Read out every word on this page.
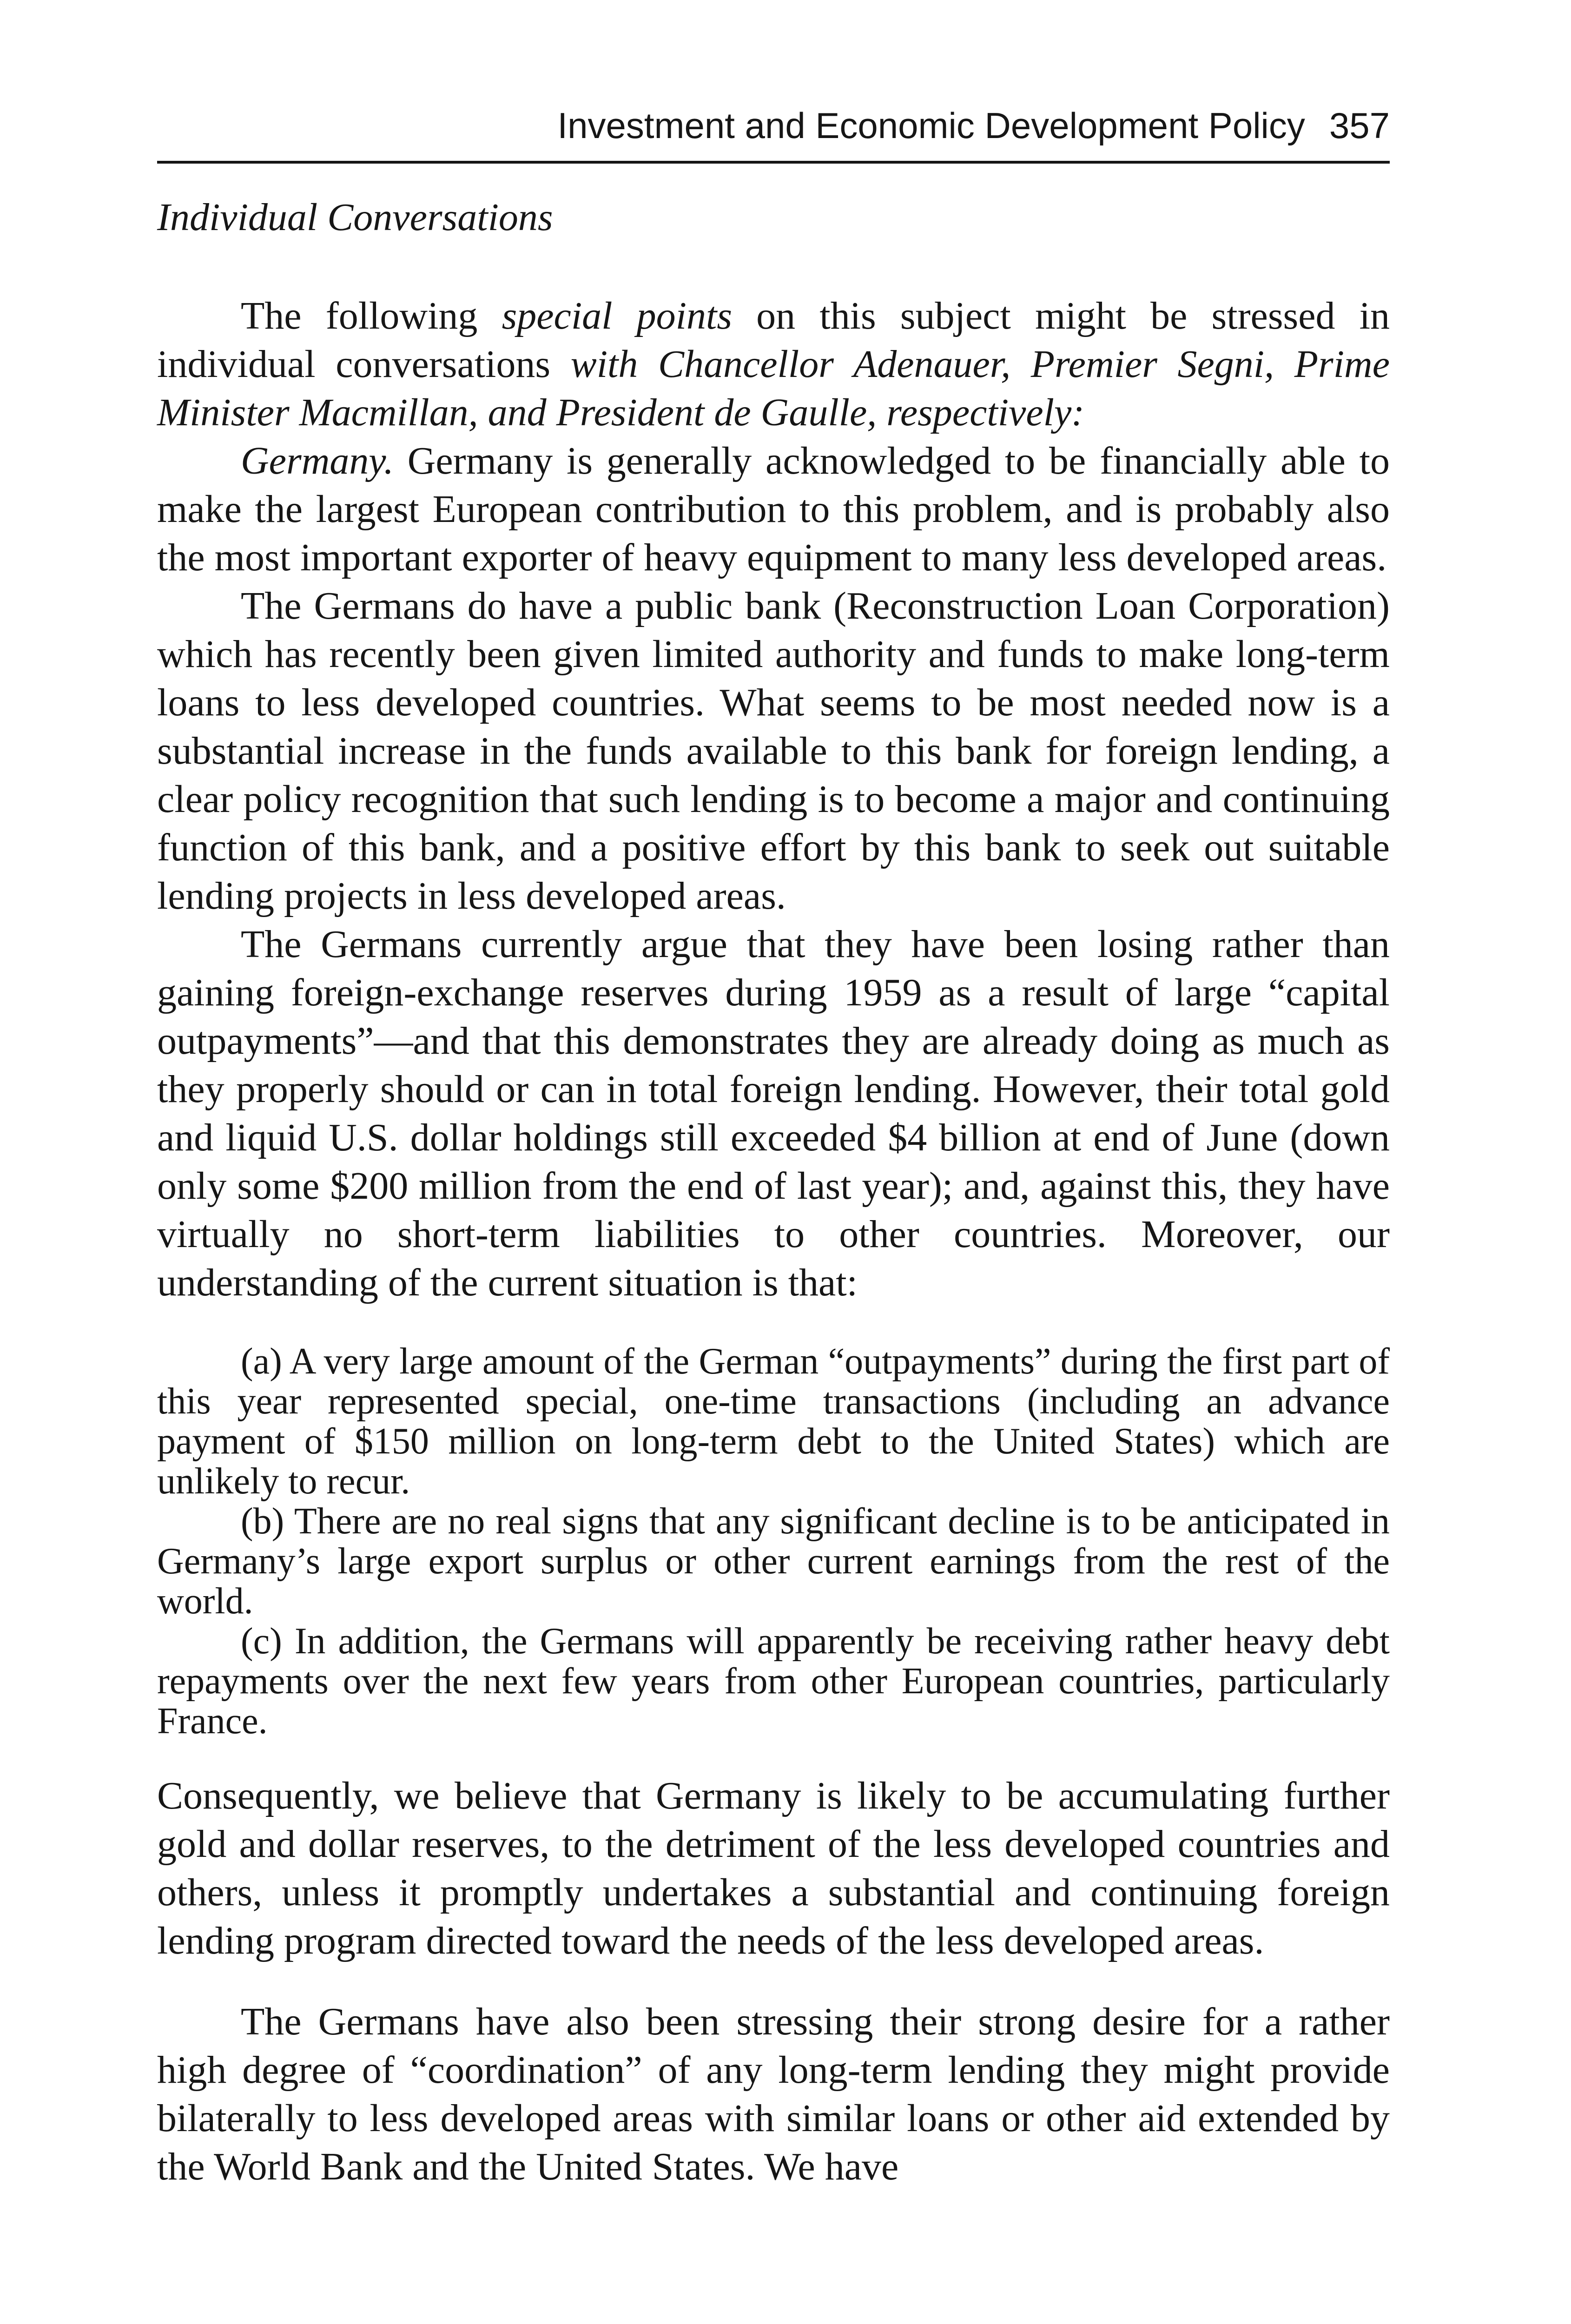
Investment and Economic Development Policy 357
Individual Conversations

The following special points on this subject might be stressed in individual conversations with Chancellor Adenauer, Premier Segni, Prime Minister Macmillan, and President de Gaulle, respectively:

Germany. Germany is generally acknowledged to be financially able to make the largest European contribution to this problem, and is probably also the most important exporter of heavy equipment to many less developed areas.

The Germans do have a public bank (Reconstruction Loan Corporation) which has recently been given limited authority and funds to make long-term loans to less developed countries. What seems to be most needed now is a substantial increase in the funds available to this bank for foreign lending, a clear policy recognition that such lending is to become a major and continuing function of this bank, and a positive effort by this bank to seek out suitable lending projects in less developed areas.

The Germans currently argue that they have been losing rather than gaining foreign-exchange reserves during 1959 as a result of large “capital outpayments”—and that this demonstrates they are already doing as much as they properly should or can in total foreign lending. However, their total gold and liquid U.S. dollar holdings still exceeded $4 billion at end of June (down only some $200 million from the end of last year); and, against this, they have virtually no short-term liabilities to other countries. Moreover, our understanding of the current situation is that:

(a) A very large amount of the German “outpayments” during the first part of this year represented special, one-time transactions (including an advance payment of $150 million on long-term debt to the United States) which are unlikely to recur.

(b) There are no real signs that any significant decline is to be anticipated in Germany’s large export surplus or other current earnings from the rest of the world.

(c) In addition, the Germans will apparently be receiving rather heavy debt repayments over the next few years from other European countries, particularly France.

Consequently, we believe that Germany is likely to be accumulating further gold and dollar reserves, to the detriment of the less developed countries and others, unless it promptly undertakes a substantial and continuing foreign lending program directed toward the needs of the less developed areas.

The Germans have also been stressing their strong desire for a rather high degree of “coordination” of any long-term lending they might provide bilaterally to less developed areas with similar loans or other aid extended by the World Bank and the United States. We have
